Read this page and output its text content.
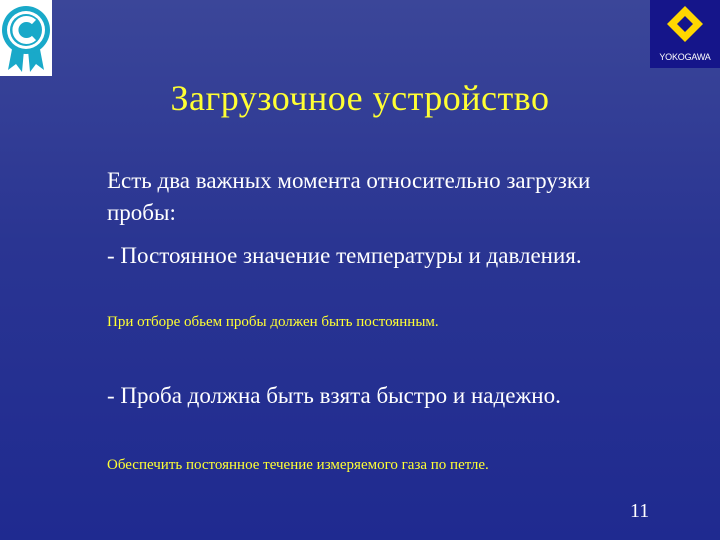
YOKOGAWA
Загрузочное устройство

Есть два важных момента относительно загрузки пробы:

- Постоянное значение температуры и давления.

При отборе обьем пробы должен быть постоянным.

- Проба должна быть взята быстро и надежно.

Обеспечить постоянное течение измеряемого газа по петле.

11
